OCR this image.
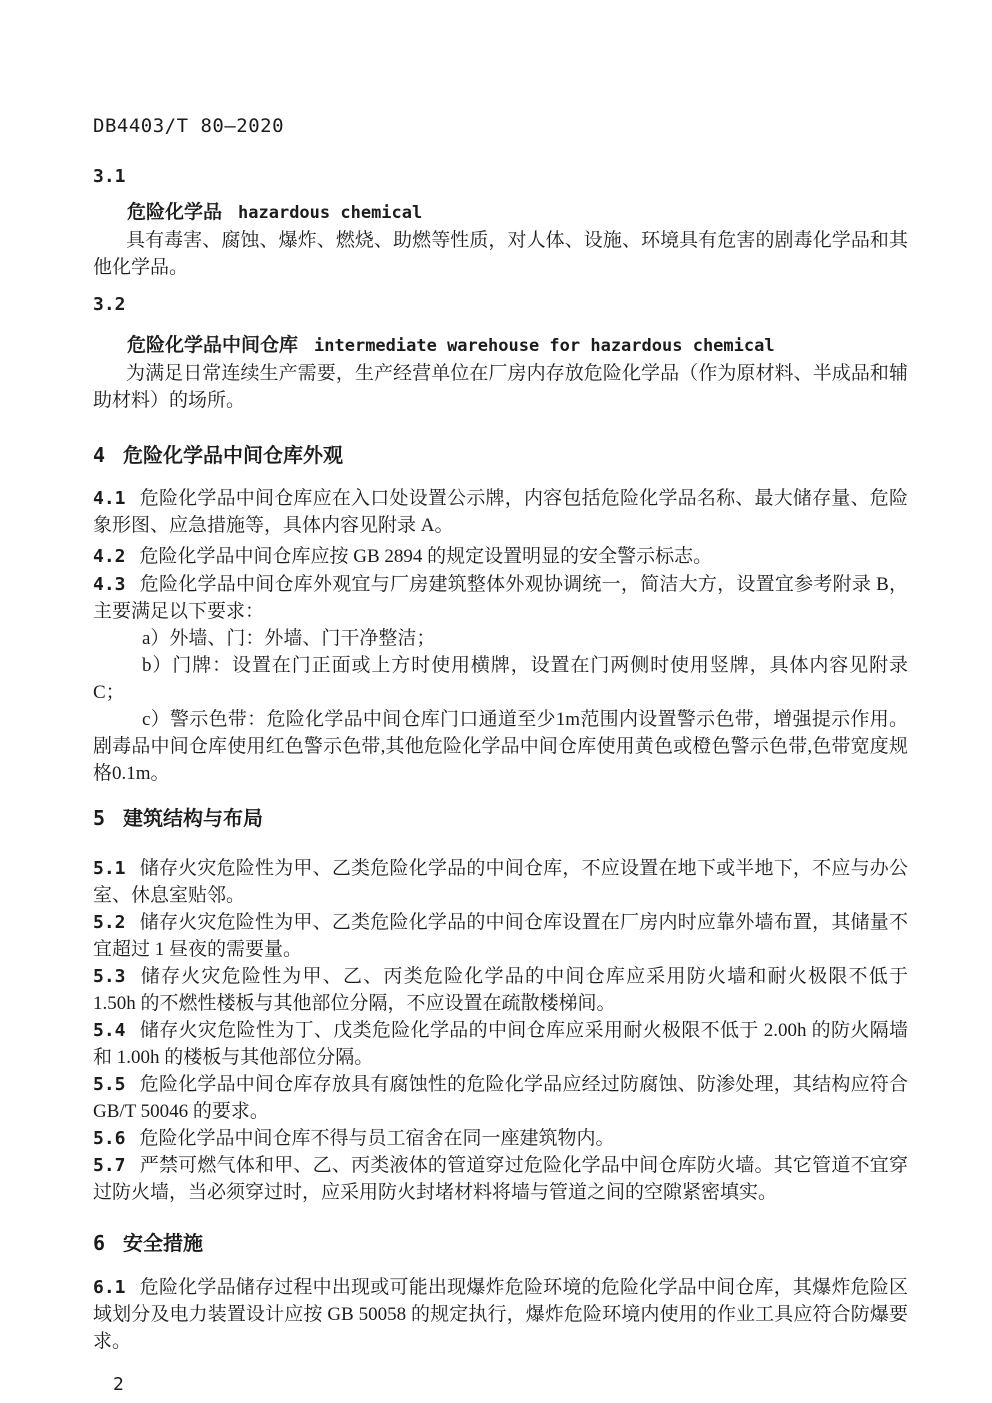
DB4403/T 80—2020
3.1
危险化学品 hazardous chemical

具有毒害、腐蚀、爆炸、燃烧、助燃等性质，对人体、设施、环境具有危害的剧毒化学品和其他化学品。

3.2
危险化学品中间仓库 intermediate warehouse for hazardous chemical

为满足日常连续生产需要，生产经营单位在厂房内存放危险化学品（作为原材料、半成品和辅助材料）的场所。

4 危险化学品中间仓库外观

4.1 危险化学品中间仓库应在入口处设置公示牌，内容包括危险化学品名称、最大储存量、危险象形图、应急措施等，具体内容见附录 A。

4.2 危险化学品中间仓库应按 GB 2894 的规定设置明显的安全警示标志。

4.3 危险化学品中间仓库外观宜与厂房建筑整体外观协调统一，简洁大方，设置宜参考附录 B，主要满足以下要求：

a）外墙、门：外墙、门干净整洁；

b）门牌：设置在门正面或上方时使用横牌，设置在门两侧时使用竖牌，具体内容见附录 C；

c）警示色带：危险化学品中间仓库门口通道至少1m范围内设置警示色带，增强提示作用。剧毒品中间仓库使用红色警示色带,其他危险化学品中间仓库使用黄色或橙色警示色带,色带宽度规格0.1m。

5 建筑结构与布局

5.1 储存火灾危险性为甲、乙类危险化学品的中间仓库，不应设置在地下或半地下，不应与办公室、休息室贴邻。

5.2 储存火灾危险性为甲、乙类危险化学品的中间仓库设置在厂房内时应靠外墙布置，其储量不宜超过 1 昼夜的需要量。

5.3 储存火灾危险性为甲、乙、丙类危险化学品的中间仓库应采用防火墙和耐火极限不低于 1.50h 的不燃性楼板与其他部位分隔，不应设置在疏散楼梯间。

5.4 储存火灾危险性为丁、戊类危险化学品的中间仓库应采用耐火极限不低于 2.00h 的防火隔墙和 1.00h 的楼板与其他部位分隔。

5.5 危险化学品中间仓库存放具有腐蚀性的危险化学品应经过防腐蚀、防渗处理，其结构应符合 GB/T 50046 的要求。

5.6 危险化学品中间仓库不得与员工宿舍在同一座建筑物内。

5.7 严禁可燃气体和甲、乙、丙类液体的管道穿过危险化学品中间仓库防火墙。其它管道不宜穿过防火墙，当必须穿过时，应采用防火封堵材料将墙与管道之间的空隙紧密填实。

6 安全措施

6.1 危险化学品储存过程中出现或可能出现爆炸危险环境的危险化学品中间仓库，其爆炸危险区域划分及电力装置设计应按 GB 50058 的规定执行，爆炸危险环境内使用的作业工具应符合防爆要求。

2
